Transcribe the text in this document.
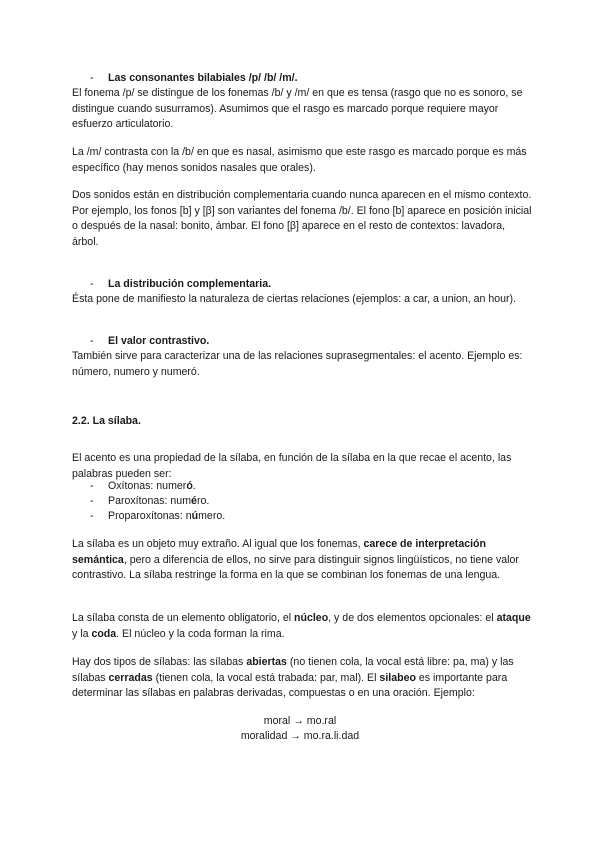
- Las consonantes bilabiales /p/ /b/ /m/.

El fonema /p/ se distingue de los fonemas /b/ y /m/ en que es tensa (rasgo que no es sonoro, se distingue cuando susurramos). Asumimos que el rasgo es marcado porque requiere mayor esfuerzo articulatorio.

La /m/ contrasta con la /b/ en que es nasal, asimismo que este rasgo es marcado porque es más específico (hay menos sonidos nasales que orales).

Dos sonidos están en distribución complementaria cuando nunca aparecen en el mismo contexto. Por ejemplo, los fonos [b] y [β] son variantes del fonema /b/. El fono [b] aparece en posición inicial o después de la nasal: bonito, ámbar. El fono [β] aparece en el resto de contextos: lavadora, árbol.

- La distribución complementaria.

Ésta pone de manifiesto la naturaleza de ciertas relaciones (ejemplos: a car, a union, an hour).

- El valor contrastivo.

También sirve para caracterizar una de las relaciones suprasegmentales: el acento. Ejemplo es: número, numero y numeró.

2.2. La sílaba.

El acento es una propiedad de la sílaba, en función de la sílaba en la que recae el acento, las palabras pueden ser:

- Oxítonas: numeró.
- Paroxítonas: numéro.
- Proparoxítonas: número.

La sílaba es un objeto muy extraño. Al igual que los fonemas, carece de interpretación semántica, pero a diferencia de ellos, no sirve para distinguir signos lingüísticos, no tiene valor contrastivo. La sílaba restringe la forma en la que se combinan los fonemas de una lengua.

La sílaba consta de un elemento obligatorio, el núcleo, y de dos elementos opcionales: el ataque y la coda. El núcleo y la coda forman la rima.

Hay dos tipos de sílabas: las sílabas abiertas (no tienen cola, la vocal está libre: pa, ma) y las sílabas cerradas (tienen cola, la vocal está trabada: par, mal). El silabeo es importante para determinar las sílabas en palabras derivadas, compuestas o en una oración. Ejemplo:

moral → mo.ral
moralidad → mo.ra.li.dad
